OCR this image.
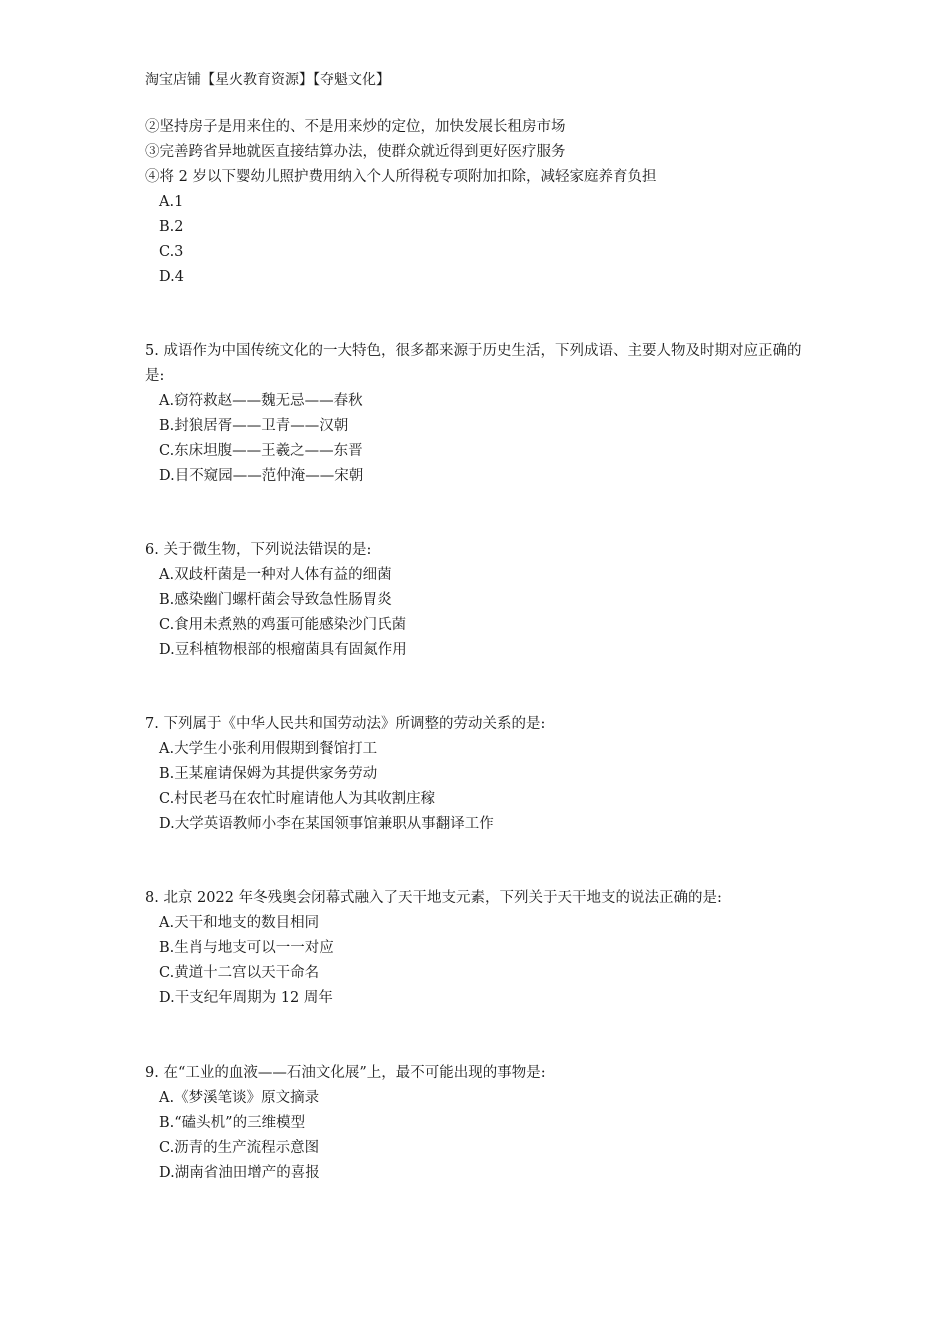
淘宝店铺【星火教育资源】【夺魁文化】
②坚持房子是用来住的、不是用来炒的定位，加快发展长租房市场
③完善跨省异地就医直接结算办法，使群众就近得到更好医疗服务
④将 2 岁以下婴幼儿照护费用纳入个人所得税专项附加扣除，减轻家庭养育负担
A.1
B.2
C.3
D.4
5. 成语作为中国传统文化的一大特色，很多都来源于历史生活，下列成语、主要人物及时期对应正确的是:
A.窃符救赵——魏无忌——春秋
B.封狼居胥——卫青——汉朝
C.东床坦腹——王羲之——东晋
D.目不窥园——范仲淹——宋朝
6. 关于微生物，下列说法错误的是:
A.双歧杆菌是一种对人体有益的细菌
B.感染幽门螺杆菌会导致急性肠胃炎
C.食用未煮熟的鸡蛋可能感染沙门氏菌
D.豆科植物根部的根瘤菌具有固氮作用
7. 下列属于《中华人民共和国劳动法》所调整的劳动关系的是:
A.大学生小张利用假期到餐馆打工
B.王某雇请保姆为其提供家务劳动
C.村民老马在农忙时雇请他人为其收割庄稼
D.大学英语教师小李在某国领事馆兼职从事翻译工作
8. 北京 2022 年冬残奥会闭幕式融入了天干地支元素，下列关于天干地支的说法正确的是:
A.天干和地支的数目相同
B.生肖与地支可以一一对应
C.黄道十二宫以天干命名
D.干支纪年周期为 12 周年
9. 在“工业的血液——石油文化展”上，最不可能出现的事物是:
A.《梦溪笔谈》原文摘录
B.“磕头机”的三维模型
C.沥青的生产流程示意图
D.湖南省油田增产的喜报
